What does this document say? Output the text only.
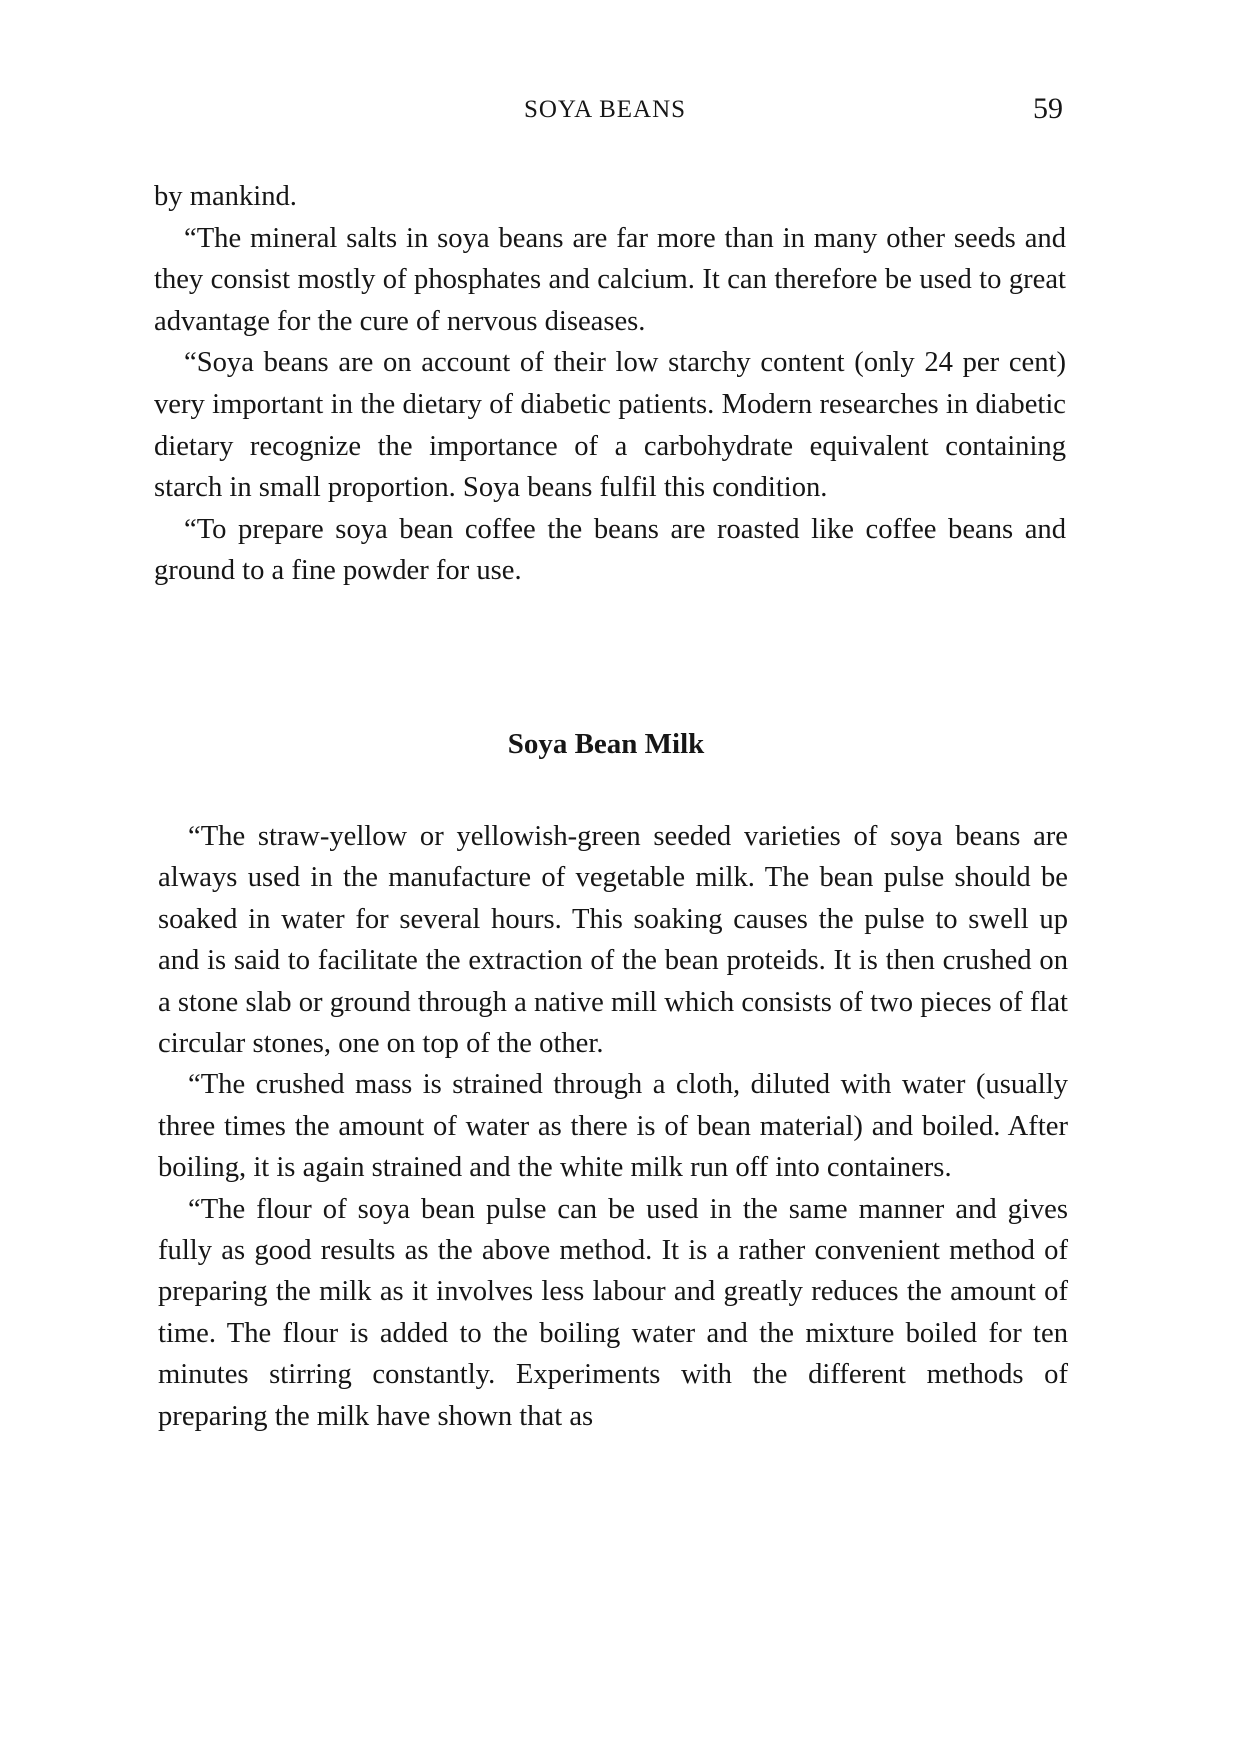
SOYA BEANS	59

by mankind.

“The mineral salts in soya beans are far more than in many other seeds and they consist mostly of phosphates and calcium. It can therefore be used to great advantage for the cure of nervous diseases.

“Soya beans are on account of their low starchy content (only 24 per cent) very important in the dietary of diabetic patients. Modern researches in diabetic dietary recognize the importance of a carbohydrate equivalent containing starch in small proportion. Soya beans fulfil this condition.

“To prepare soya bean coffee the beans are roasted like coffee beans and ground to a fine powder for use.

Soya Bean Milk

“The straw-yellow or yellowish-green seeded varieties of soya beans are always used in the manufacture of vegetable milk. The bean pulse should be soaked in water for several hours. This soaking causes the pulse to swell up and is said to facilitate the extraction of the bean proteids. It is then crushed on a stone slab or ground through a native mill which consists of two pieces of flat circular stones, one on top of the other.

“The crushed mass is strained through a cloth, diluted with water (usually three times the amount of water as there is of bean material) and boiled. After boiling, it is again strained and the white milk run off into containers.

“The flour of soya bean pulse can be used in the same manner and gives fully as good results as the above method. It is a rather convenient method of preparing the milk as it involves less labour and greatly reduces the amount of time. The flour is added to the boiling water and the mixture boiled for ten minutes stirring constantly. Experiments with the different methods of preparing the milk have shown that as
